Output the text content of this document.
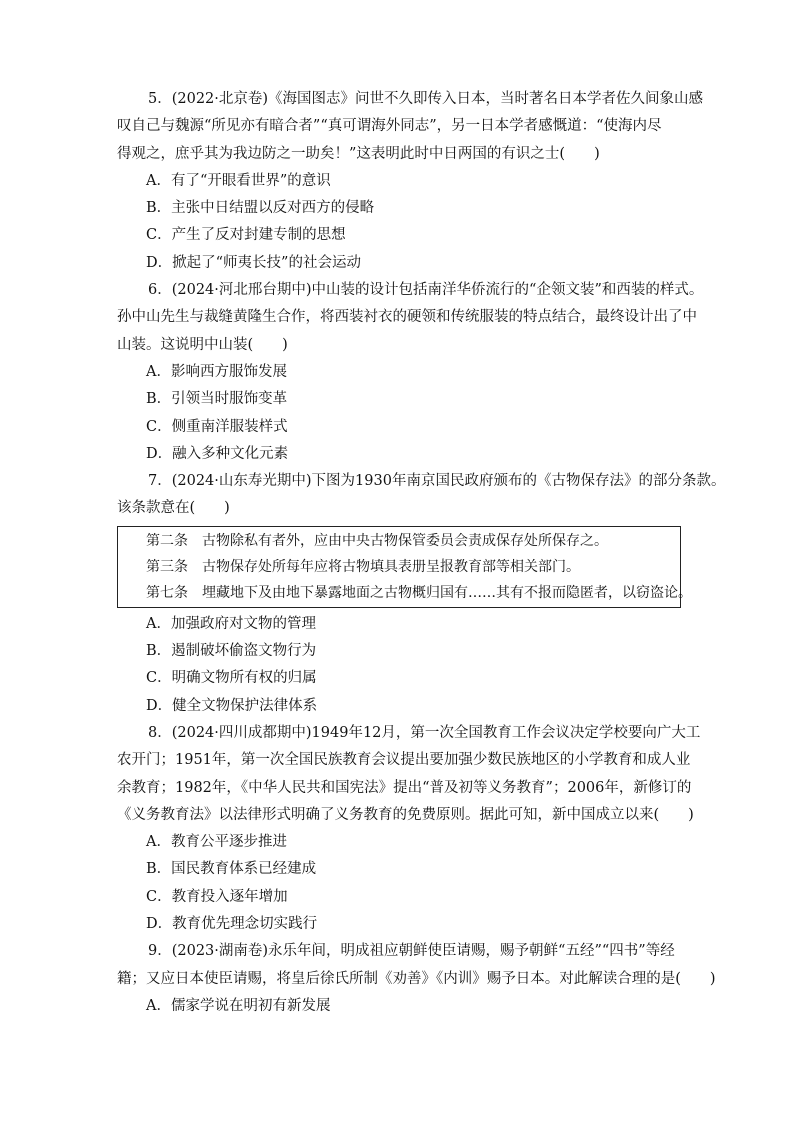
5．(2022·北京卷)《海国图志》问世不久即传入日本，当时著名日本学者佐久间象山感

叹自己与魏源“所见亦有暗合者”“真可谓海外同志”，另一日本学者感慨道：“使海内尽

得观之，庶乎其为我边防之一助矣！”这表明此时中日两国的有识之士(　　)

A．有了“开眼看世界”的意识

B．主张中日结盟以反对西方的侵略

C．产生了反对封建专制的思想

D．掀起了“师夷长技”的社会运动

6．(2024·河北邢台期中)中山装的设计包括南洋华侨流行的“企领文装”和西装的样式。

孙中山先生与裁缝黄隆生合作，将西装衬衣的硬领和传统服装的特点结合，最终设计出了中

山装。这说明中山装(　　)

A．影响西方服饰发展

B．引领当时服饰变革

C．侧重南洋服装样式

D．融入多种文化元素

7．(2024·山东寿光期中)下图为1930年南京国民政府颁布的《古物保存法》的部分条款。

该条款意在(　　)

第二条　古物除私有者外，应由中央古物保管委员会责成保存处所保存之。

第三条　古物保存处所每年应将古物填具表册呈报教育部等相关部门。

第七条　埋藏地下及由地下暴露地面之古物概归国有……其有不报而隐匿者，以窃盗论。

A．加强政府对文物的管理

B．遏制破坏偷盗文物行为

C．明确文物所有权的归属

D．健全文物保护法律体系

8．(2024·四川成都期中)1949年12月，第一次全国教育工作会议决定学校要向广大工

农开门；1951年，第一次全国民族教育会议提出要加强少数民族地区的小学教育和成人业

余教育；1982年，《中华人民共和国宪法》提出“普及初等义务教育”；2006年，新修订的

《义务教育法》以法律形式明确了义务教育的免费原则。据此可知，新中国成立以来(　　)

A．教育公平逐步推进

B．国民教育体系已经建成

C．教育投入逐年增加

D．教育优先理念切实践行

9．(2023·湖南卷)永乐年间，明成祖应朝鲜使臣请赐，赐予朝鲜“五经”“四书”等经

籍；又应日本使臣请赐，将皇后徐氏所制《劝善》《内训》赐予日本。对此解读合理的是(　　)

A．儒家学说在明初有新发展
